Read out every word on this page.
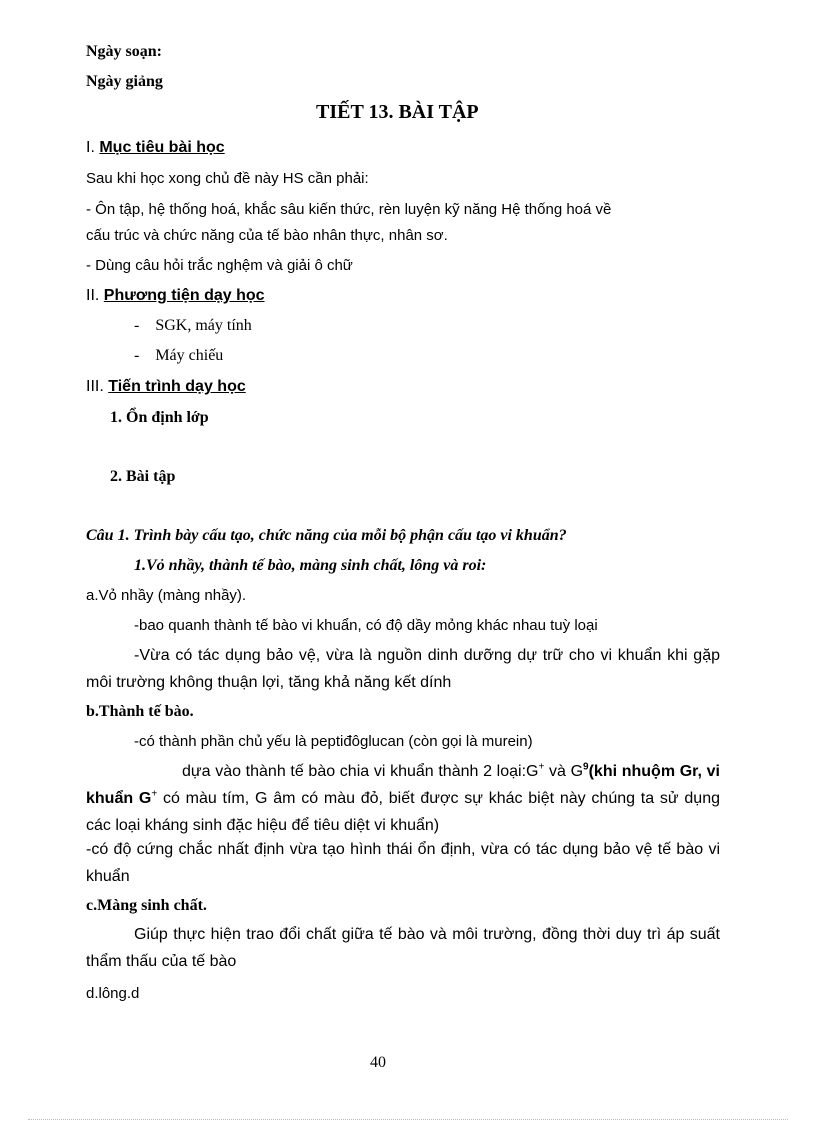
Ngày soạn:
Ngày giảng
TIẾT 13. BÀI TẬP
I. Mục tiêu bài học
Sau khi học xong chủ đề này HS cần phải:
- Ôn tập, hệ thống hoá, khắc sâu kiến thức, rèn luyện kỹ năng Hệ thống hoá về
cấu trúc và chức năng của tế bào nhân thực, nhân sơ.
- Dùng câu hỏi trắc nghệm và giải ô chữ
II. Phương tiện dạy học
-    SGK, máy tính
-    Máy chiếu
III. Tiến trình dạy học
1. Ổn định lớp
2. Bài tập
Câu 1. Trình bày cấu tạo, chức năng của mỗi bộ phận cấu tạo vi khuẩn?
1.Vỏ nhầy, thành tế bào, màng sinh chất, lông và roi:
a.Vỏ nhầy (màng nhầy).
-bao quanh thành tế bào vi khuẩn, có độ dầy mỏng khác nhau tuỳ loại
-Vừa có tác dụng bảo vệ, vừa là nguồn dinh dưỡng dự trữ cho vi khuẩn khi gặp môi trường không thuận lợi, tăng khả năng kết dính
b.Thành tế bào.
-có thành phần chủ yếu là peptiđôglucan (còn gọi là murein)
dựa vào thành tế bào chia vi khuẩn thành 2 loại:G+ và $G^9(khi$ nhuộm Gr, vi khuẩn G+ có màu tím, G âm có màu đỏ, biết được sự khác biệt này chúng ta sử dụng các loại kháng sinh đặc hiệu để tiêu diệt vi khuẩn)
-có độ cứng chắc nhất định vừa tạo hình thái ổn định, vừa có tác dụng bảo vệ tế bào vi khuẩn
c.Màng sinh chất.
Giúp thực hiện trao đổi chất giữa tế bào và môi trường, đồng thời duy trì áp suất thẩm thấu của tế bào
d.lông.d
40
